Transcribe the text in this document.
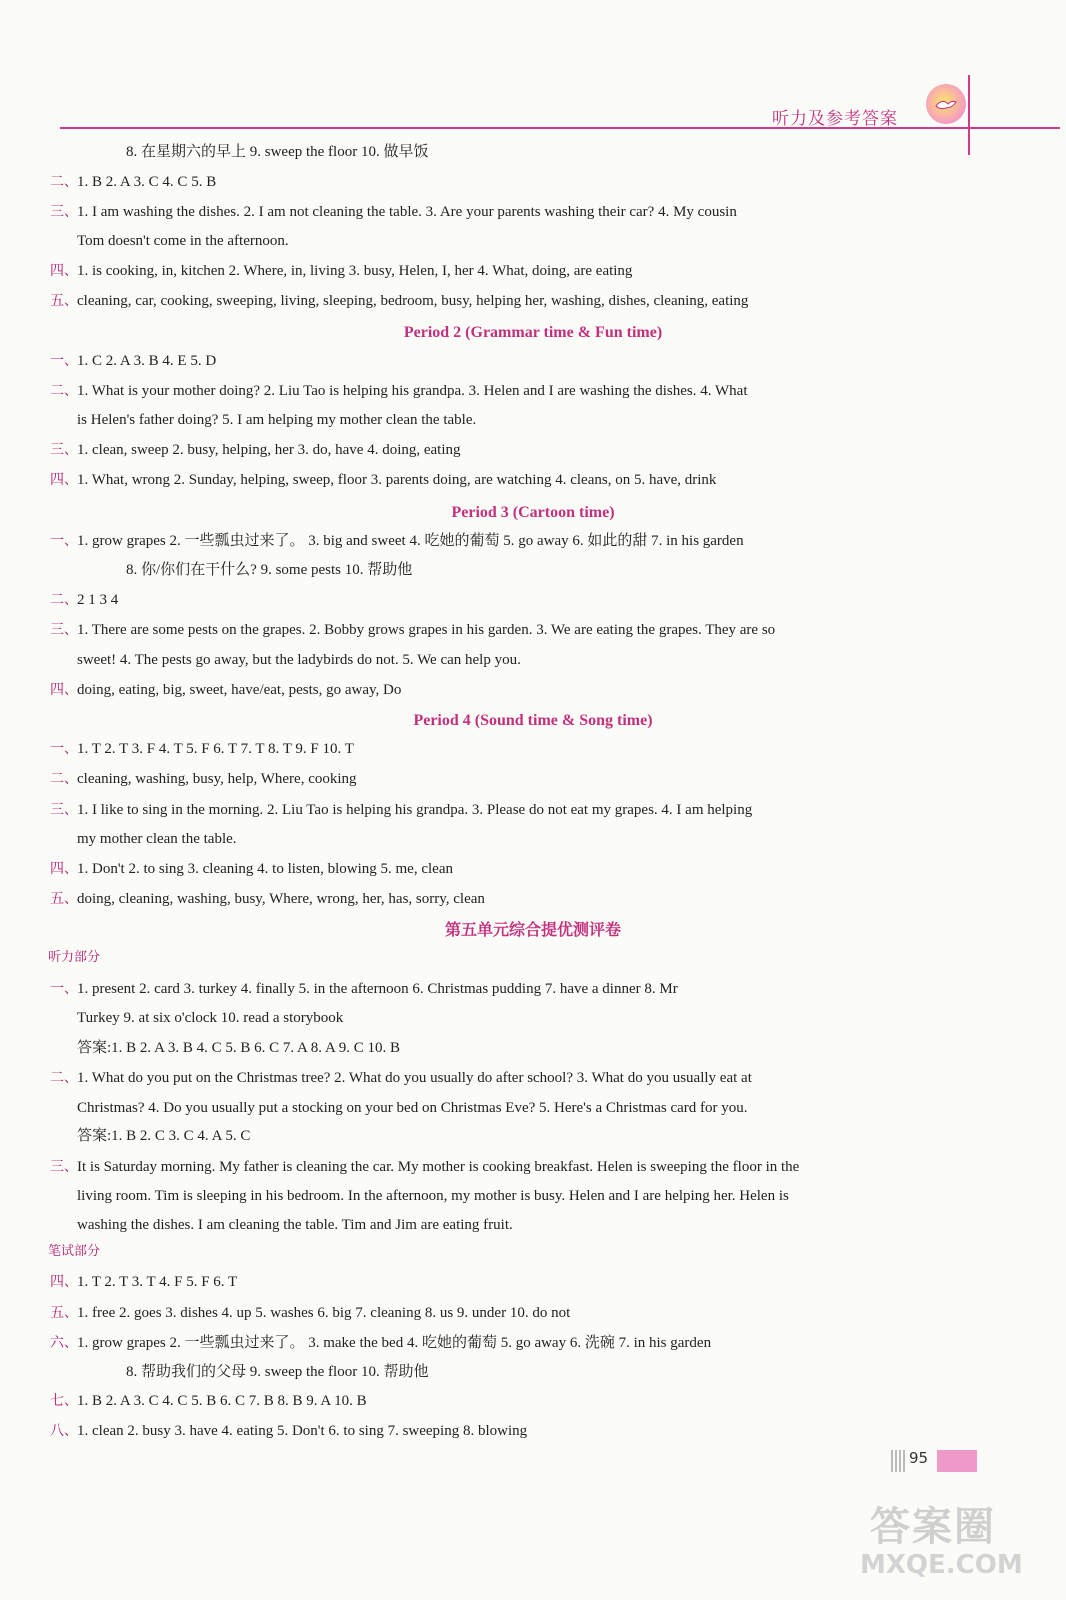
听力及参考答案
8. 在星期六的早上 9. sweep the floor 10. 做早饭
二、 1. B 2. A 3. C 4. C 5. B
三、 1. I am washing the dishes. 2. I am not cleaning the table. 3. Are your parents washing their car? 4. My cousin
Tom doesn't come in the afternoon.
四、 1. is cooking, in, kitchen 2. Where, in, living 3. busy, Helen, I, her 4. What, doing, are eating
五、 cleaning, car, cooking, sweeping, living, sleeping, bedroom, busy, helping her, washing, dishes, cleaning, eating
一、 1. C 2. A 3. B 4. E 5. D
二、 1. What is your mother doing? 2. Liu Tao is helping his grandpa. 3. Helen and I are washing the dishes. 4. What
is Helen's father doing? 5. I am helping my mother clean the table.
三、 1. clean, sweep 2. busy, helping, her 3. do, have 4. doing, eating
四、 1. What, wrong 2. Sunday, helping, sweep, floor 3. parents doing, are watching 4. cleans, on 5. have, drink
一、 1. grow grapes 2. 一些瓢虫过来了。 3. big and sweet 4. 吃她的葡萄 5. go away 6. 如此的甜 7. in his garden
8. 你/你们在干什么? 9. some pests 10. 帮助他
二、 2 1 3 4
三、 1. There are some pests on the grapes. 2. Bobby grows grapes in his garden. 3. We are eating the grapes. They are so
sweet! 4. The pests go away, but the ladybirds do not. 5. We can help you.
四、 doing, eating, big, sweet, have/eat, pests, go away, Do
一、 1. T 2. T 3. F 4. T 5. F 6. T 7. T 8. T 9. F 10. T
二、 cleaning, washing, busy, help, Where, cooking
三、 1. I like to sing in the morning. 2. Liu Tao is helping his grandpa. 3. Please do not eat my grapes. 4. I am helping
my mother clean the table.
四、 1. Don't 2. to sing 3. cleaning 4. to listen, blowing 5. me, clean
五、 doing, cleaning, washing, busy, Where, wrong, her, has, sorry, clean
一、 1. present 2. card 3. turkey 4. finally 5. in the afternoon 6. Christmas pudding 7. have a dinner 8. Mr
Turkey 9. at six o'clock 10. read a storybook
答案:1. B 2. A 3. B 4. C 5. B 6. C 7. A 8. A 9. C 10. B
二、 1. What do you put on the Christmas tree? 2. What do you usually do after school? 3. What do you usually eat at
Christmas? 4. Do you usually put a stocking on your bed on Christmas Eve? 5. Here's a Christmas card for you.
答案:1. B 2. C 3. C 4. A 5. C
三、 It is Saturday morning. My father is cleaning the car. My mother is cooking breakfast. Helen is sweeping the floor in the
living room. Tim is sleeping in his bedroom. In the afternoon, my mother is busy. Helen and I are helping her. Helen is
washing the dishes. I am cleaning the table. Tim and Jim are eating fruit.
四、 1. T 2. T 3. T 4. F 5. F 6. T
五、 1. free 2. goes 3. dishes 4. up 5. washes 6. big 7. cleaning 8. us 9. under 10. do not
六、 1. grow grapes 2. 一些瓢虫过来了。 3. make the bed 4. 吃她的葡萄 5. go away 6. 洗碗 7. in his garden
8. 帮助我们的父母 9. sweep the floor 10. 帮助他
七、 1. B 2. A 3. C 4. C 5. B 6. C 7. B 8. B 9. A 10. B
八、 1. clean 2. busy 3. have 4. eating 5. Don't 6. to sing 7. sweeping 8. blowing
Period 2 (Grammar time & Fun time)
Period 3 (Cartoon time)
Period 4 (Sound time & Song time)
第五单元综合提优测评卷
听力部分
笔试部分
95
答案圈
MXQE.COM
